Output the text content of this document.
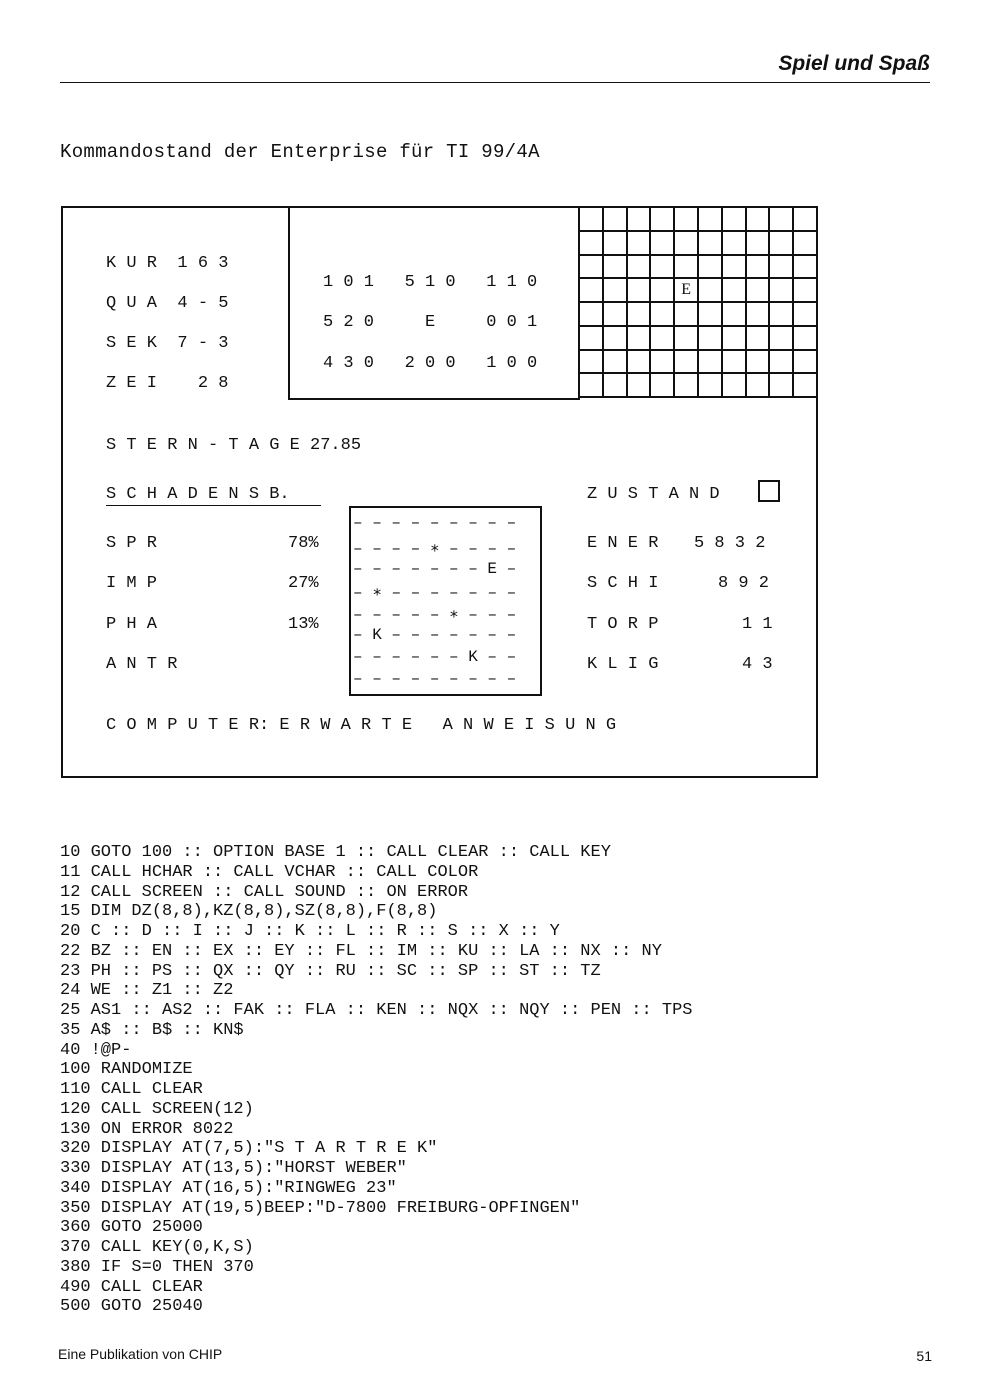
Spiel und Spaß
Kommandostand der Enterprise für TI 99/4A
K U R  1 6 3
Q U A  4 - 5
S E K  7 - 3
Z E I    2 8
1 0 1   5 1 0   1 1 0
5 2 0     E     0 0 1
4 3 0   2 0 0   1 0 0
E
S T E R N - T A G E 27.85
S C H A D E N S B.	Z U S T A N D
S P R	78%
I M P	27%
P H A	13%
A N T R
– – – – – – – – –
– – – – ∗ – – – –
– – – – – – – E –
– ∗ – – – – – – –
– – – – – ∗ – – –
– K – – – – – – –
– – – – – – K – –
– – – – – – – – –
E N E R 5 8 3 2
S C H I	8 9 2
T O R P	1 1
K L I G	4 3
C O M P U T E R: E R W A R T E   A N W E I S U N G
10 GOTO 100 :: OPTION BASE 1 :: CALL CLEAR :: CALL KEY
11 CALL HCHAR :: CALL VCHAR :: CALL COLOR
12 CALL SCREEN :: CALL SOUND :: ON ERROR
15 DIM DZ(8,8),KZ(8,8),SZ(8,8),F(8,8)
20 C :: D :: I :: J :: K :: L :: R :: S :: X :: Y
22 BZ :: EN :: EX :: EY :: FL :: IM :: KU :: LA :: NX :: NY
23 PH :: PS :: QX :: QY :: RU :: SC :: SP :: ST :: TZ
24 WE :: Z1 :: Z2
25 AS1 :: AS2 :: FAK :: FLA :: KEN :: NQX :: NQY :: PEN :: TPS
35 A$ :: B$ :: KN$
40 !@P-
100 RANDOMIZE
110 CALL CLEAR
120 CALL SCREEN(12)
130 ON ERROR 8022
320 DISPLAY AT(7,5):"S T A R T R E K"
330 DISPLAY AT(13,5):"HORST WEBER"
340 DISPLAY AT(16,5):"RINGWEG 23"
350 DISPLAY AT(19,5)BEEP:"D-7800 FREIBURG-OPFINGEN"
360 GOTO 25000
370 CALL KEY(0,K,S)
380 IF S=0 THEN 370
490 CALL CLEAR
500 GOTO 25040
Eine Publikation von CHIP	51
